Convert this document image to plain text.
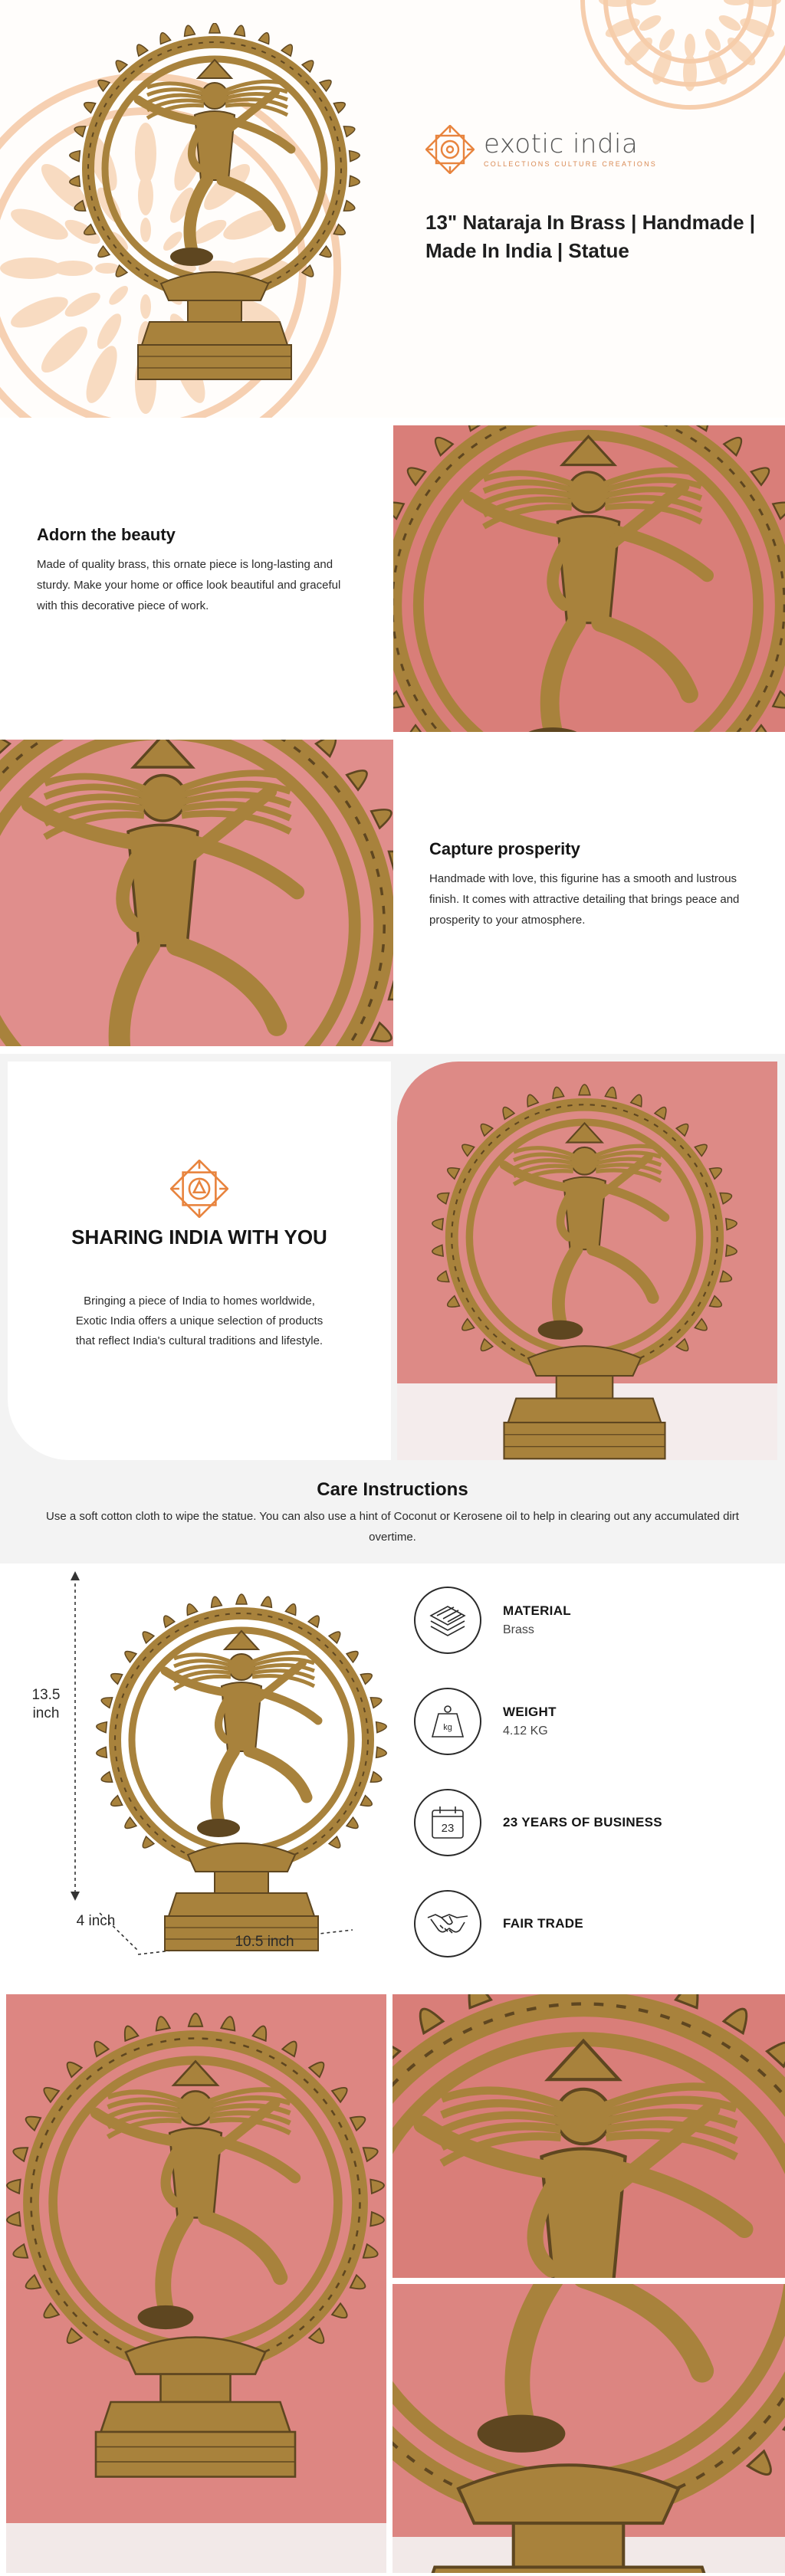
exotic india
COLLECTIONS CULTURE CREATIONS
13" Nataraja In Brass | Handmade | Made In India | Statue
Adorn the beauty

Made of quality brass, this ornate piece is long-lasting and sturdy. Make your home or office look beautiful and graceful with this decorative piece of work.

Capture prosperity

Handmade with love, this figurine has a smooth and lustrous finish. It comes with attractive detailing that brings peace and prosperity to your atmosphere.

SHARING INDIA WITH YOU
Bringing a piece of India to homes worldwide, Exotic India offers a unique selection of products that reflect India's cultural traditions and lifestyle.
Care Instructions
Use a soft cotton cloth to wipe the statue. You can also use a hint of Coconut or Kerosene oil to help in clearing out any accumulated dirt overtime.
13.5 inch
4 inch
10.5 inch
MATERIAL
Brass
kg
WEIGHT
4.12 KG
23	23 YEARS OF BUSINESS
FAIR TRADE
